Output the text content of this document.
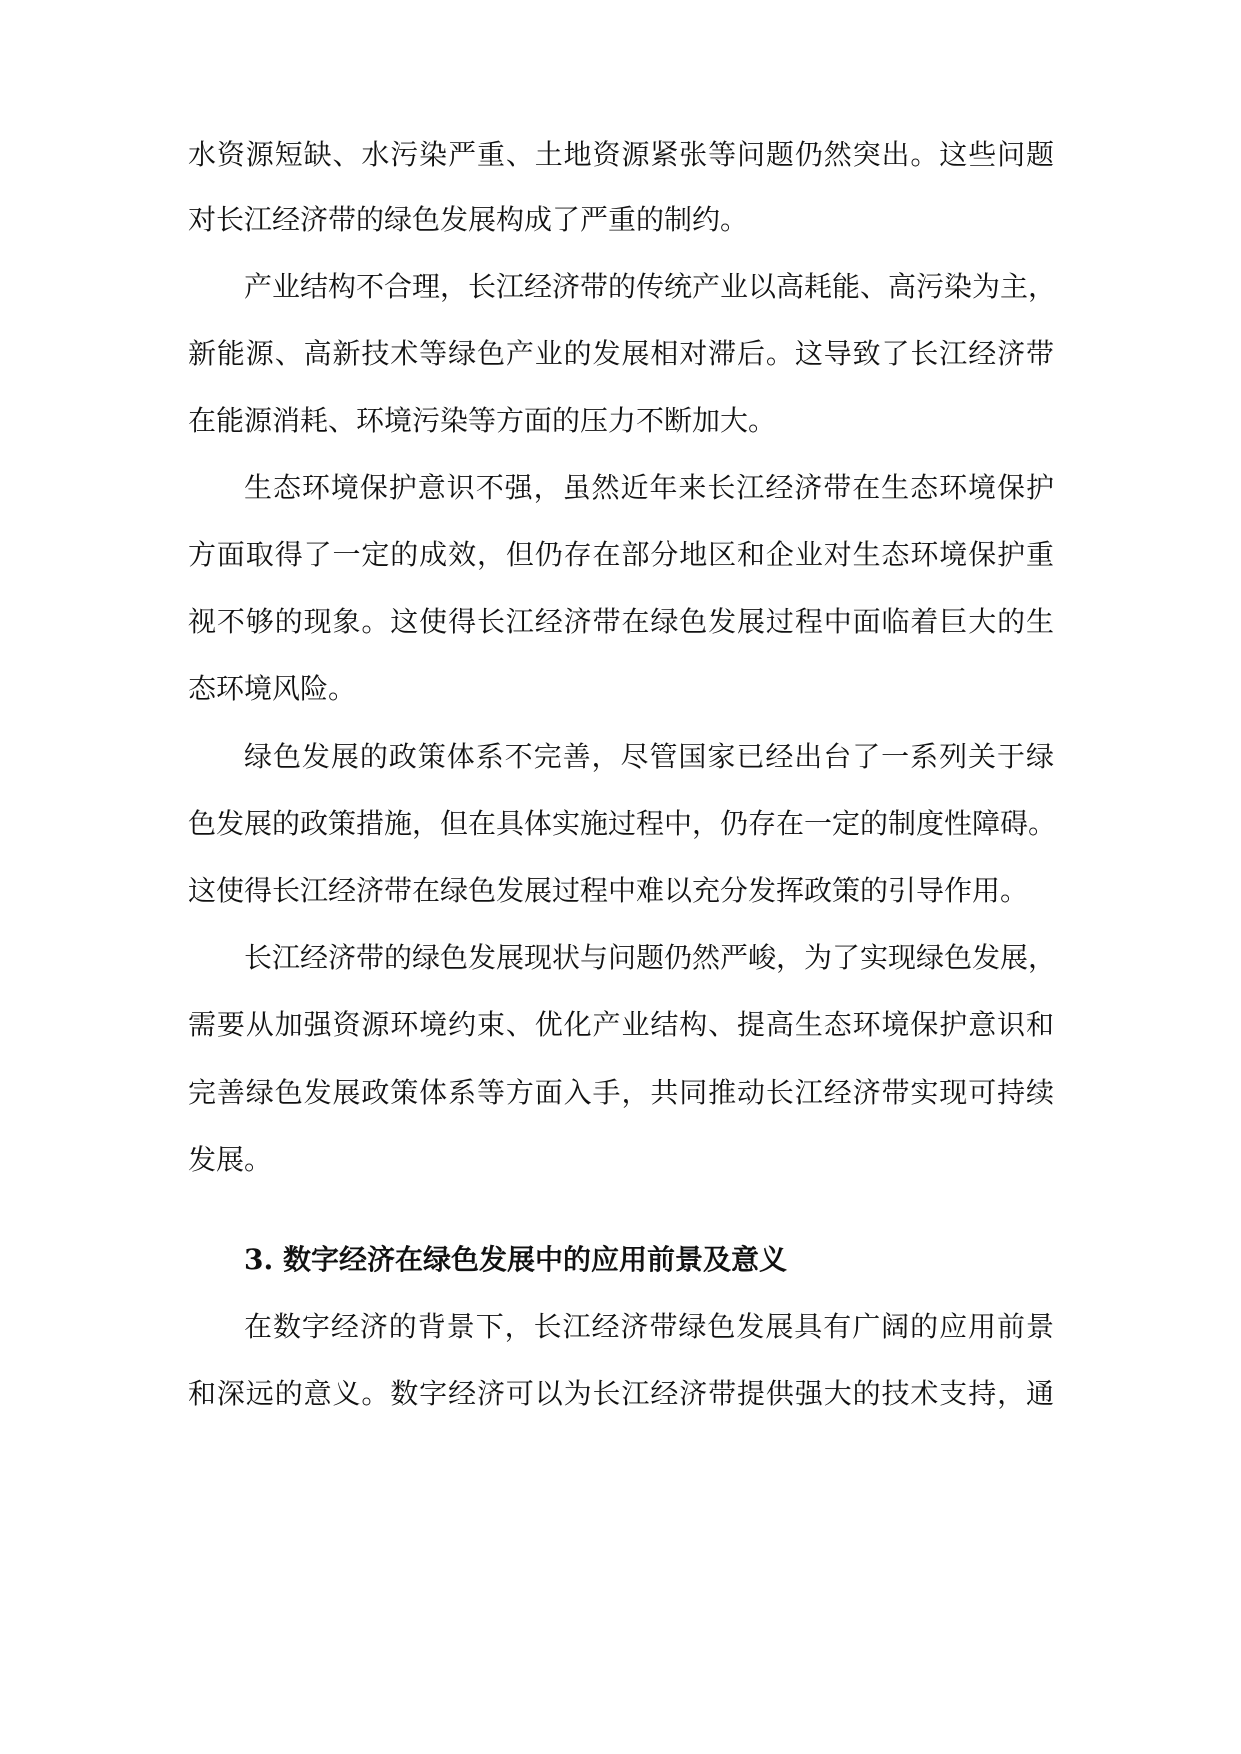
水资源短缺、水污染严重、土地资源紧张等问题仍然突出。这些问题
对长江经济带的绿色发展构成了严重的制约。
产业结构不合理，长江经济带的传统产业以高耗能、高污染为主，
新能源、高新技术等绿色产业的发展相对滞后。这导致了长江经济带
在能源消耗、环境污染等方面的压力不断加大。
生态环境保护意识不强，虽然近年来长江经济带在生态环境保护
方面取得了一定的成效，但仍存在部分地区和企业对生态环境保护重
视不够的现象。这使得长江经济带在绿色发展过程中面临着巨大的生
态环境风险。
绿色发展的政策体系不完善，尽管国家已经出台了一系列关于绿
色发展的政策措施，但在具体实施过程中，仍存在一定的制度性障碍。
这使得长江经济带在绿色发展过程中难以充分发挥政策的引导作用。
长江经济带的绿色发展现状与问题仍然严峻，为了实现绿色发展，
需要从加强资源环境约束、优化产业结构、提高生态环境保护意识和
完善绿色发展政策体系等方面入手，共同推动长江经济带实现可持续
发展。
在数字经济的背景下，长江经济带绿色发展具有广阔的应用前景
和深远的意义。数字经济可以为长江经济带提供强大的技术支持，通
3. 数字经济在绿色发展中的应用前景及意义
